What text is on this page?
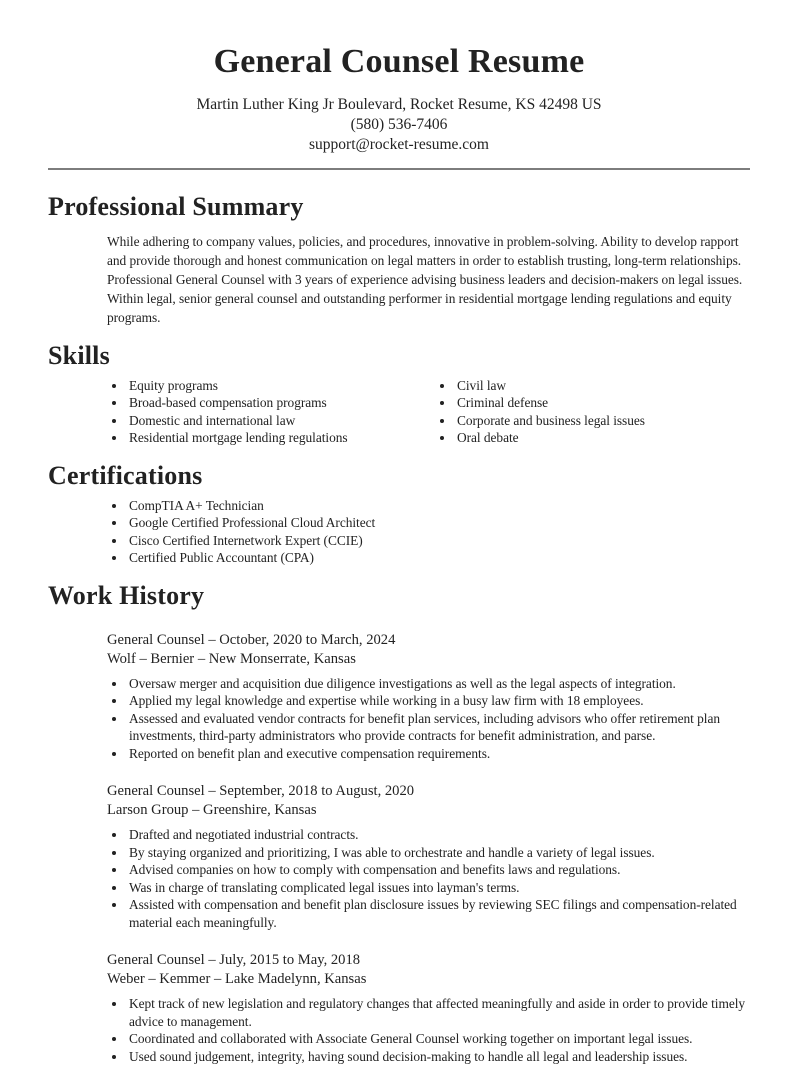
General Counsel Resume
Martin Luther King Jr Boulevard, Rocket Resume, KS 42498 US
(580) 536-7406
support@rocket-resume.com
Professional Summary

While adhering to company values, policies, and procedures, innovative in problem-solving. Ability to develop rapport and provide thorough and honest communication on legal matters in order to establish trusting, long-term relationships. Professional General Counsel with 3 years of experience advising business leaders and decision-makers on legal issues. Within legal, senior general counsel and outstanding performer in residential mortgage lending regulations and equity programs.

Skills
• Equity programs
• Broad-based compensation programs
• Domestic and international law
• Residential mortgage lending regulations
• Civil law
• Criminal defense
• Corporate and business legal issues
• Oral debate
Certifications
• CompTIA A+ Technician
• Google Certified Professional Cloud Architect
• Cisco Certified Internetwork Expert (CCIE)
• Certified Public Accountant (CPA)
Work History
General Counsel – October, 2020 to March, 2024
Wolf – Bernier – New Monserrate, Kansas
• Oversaw merger and acquisition due diligence investigations as well as the legal aspects of integration.
• Applied my legal knowledge and expertise while working in a busy law firm with 18 employees.
• Assessed and evaluated vendor contracts for benefit plan services, including advisors who offer retirement plan investments, third-party administrators who provide contracts for benefit administration, and parse.
• Reported on benefit plan and executive compensation requirements.
General Counsel – September, 2018 to August, 2020
Larson Group – Greenshire, Kansas
• Drafted and negotiated industrial contracts.
• By staying organized and prioritizing, I was able to orchestrate and handle a variety of legal issues.
• Advised companies on how to comply with compensation and benefits laws and regulations.
• Was in charge of translating complicated legal issues into layman's terms.
• Assisted with compensation and benefit plan disclosure issues by reviewing SEC filings and compensation-related material each meaningfully.
General Counsel – July, 2015 to May, 2018
Weber – Kemmer – Lake Madelynn, Kansas
• Kept track of new legislation and regulatory changes that affected meaningfully and aside in order to provide timely advice to management.
• Coordinated and collaborated with Associate General Counsel working together on important legal issues.
• Used sound judgement, integrity, having sound decision-making to handle all legal and leadership issues.
